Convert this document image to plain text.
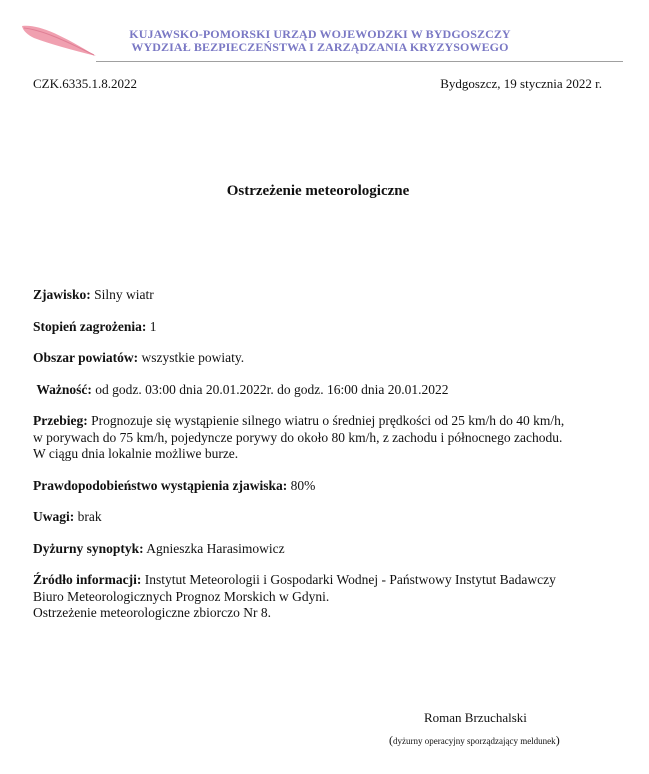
KUJAWSKO-POMORSKI URZĄD WOJEWODZKI W BYDGOSZCZY
WYDZIAŁ BEZPIECZEŃSTWA I ZARZĄDZANIA KRYZYSOWEGO
CZK.6335.1.8.2022	Bydgoszcz, 19 stycznia 2022 r.
Ostrzeżenie meteorologiczne
Zjawisko: Silny wiatr
Stopień zagrożenia: 1
Obszar powiatów: wszystkie powiaty.
Ważność: od godz. 03:00 dnia 20.01.2022r. do godz. 16:00 dnia 20.01.2022
Przebieg: Prognozuje się wystąpienie silnego wiatru o średniej prędkości od 25 km/h do 40 km/h,
w porywach do 75 km/h, pojedyncze porywy do około 80 km/h, z zachodu i północnego zachodu.
W ciągu dnia lokalnie możliwe burze.
Prawdopodobieństwo wystąpienia zjawiska: 80%
Uwagi: brak
Dyżurny synoptyk: Agnieszka Harasimowicz
Źródło informacji: Instytut Meteorologii i Gospodarki Wodnej - Państwowy Instytut Badawczy
Biuro Meteorologicznych Prognoz Morskich w Gdyni.
Ostrzeżenie meteorologiczne zbiorczo Nr 8.
Roman Brzuchalski
(dyżurny operacyjny sporządzający meldunek)
